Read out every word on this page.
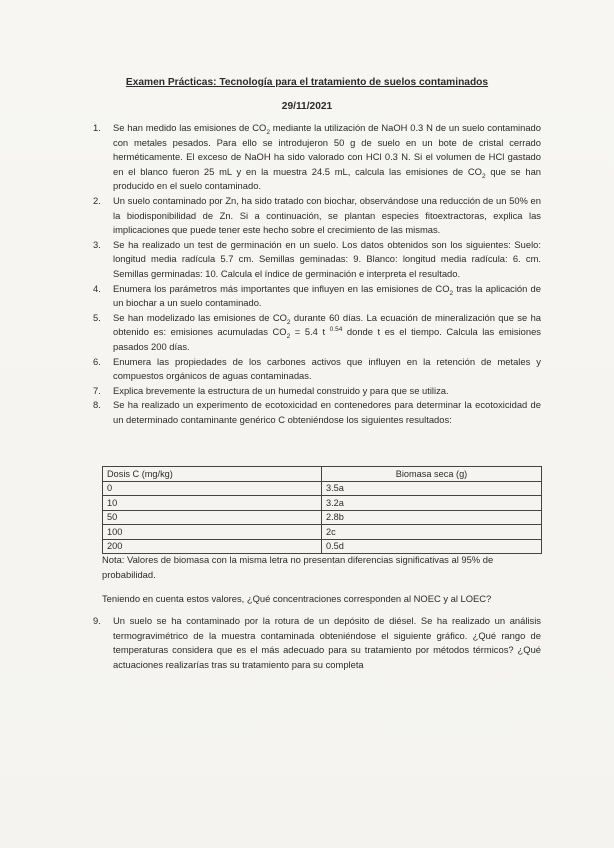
Examen Prácticas: Tecnología para el tratamiento de suelos contaminados
29/11/2021
1.	Se han medido las emisiones de $CO_2$ mediante la utilización de NaOH 0.3 N de un suelo contaminado con metales pesados. Para ello se introdujeron 50 g de suelo en un bote de cristal cerrado herméticamente. El exceso de NaOH ha sido valorado con HCl 0.3 N. Si el volumen de HCl gastado en el blanco fueron 25 mL y en la muestra 24.5 mL, calcula las emisiones de $CO_2$ que se han producido en el suelo contaminado.
2.	Un suelo contaminado por Zn, ha sido tratado con biochar, observándose una reducción de un 50% en la biodisponibilidad de Zn. Si a continuación, se plantan especies fitoextractoras, explica las implicaciones que puede tener este hecho sobre el crecimiento de las mismas.
3.	Se ha realizado un test de germinación en un suelo. Los datos obtenidos son los siguientes: Suelo: longitud media radícula 5.7 cm. Semillas geminadas: 9. Blanco: longitud media radícula: 6. cm. Semillas germinadas: 10. Calcula el índice de germinación e interpreta el resultado.
4.	Enumera los parámetros más importantes que influyen en las emisiones de $CO_2$ tras la aplicación de un biochar a un suelo contaminado.
5.	Se han modelizado las emisiones de $CO_2$ durante 60 días. La ecuación de mineralización que se ha obtenido es: emisiones acumuladas $CO_2 = 5.4$ t $^{0.54}$ donde t es el tiempo. Calcula las emisiones pasados 200 días.
6.	Enumera las propiedades de los carbones activos que influyen en la retención de metales y compuestos orgánicos de aguas contaminadas.
7.	Explica brevemente la estructura de un humedal construido y para que se utiliza.
8.	Se ha realizado un experimento de ecotoxicidad en contenedores para determinar la ecotoxicidad de un determinado contaminante genérico C obteniéndose los siguientes resultados:
Dosis C (mg/kg)	Biomasa seca (g)
0	3.5a
10	3.2a
50	2.8b
100	2c
200	0.5d
Nota: Valores de biomasa con la misma letra no presentan diferencias significativas al 95% de probabilidad.
Teniendo en cuenta estos valores, ¿Qué concentraciones corresponden al NOEC y al LOEC?
9.	Un suelo se ha contaminado por la rotura de un depósito de diésel. Se ha realizado un análisis termogravimétrico de la muestra contaminada obteniéndose el siguiente gráfico. ¿Qué rango de temperaturas considera que es el más adecuado para su tratamiento por métodos térmicos? ¿Qué actuaciones realizarías tras su tratamiento para su completa
